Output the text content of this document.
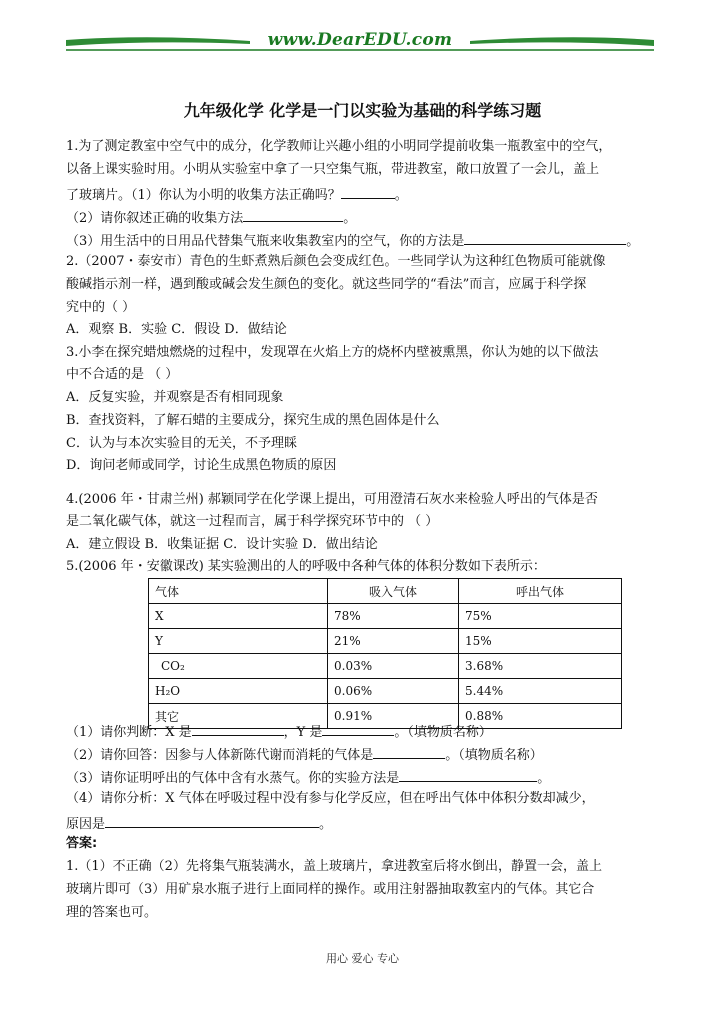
www.DearEDU.com
九年级化学 化学是一门以实验为基础的科学练习题
1.为了测定教室中空气中的成分，化学教师让兴趣小组的小明同学提前收集一瓶教室中的空气，
以备上课实验时用。小明从实验室中拿了一只空集气瓶，带进教室，敞口放置了一会儿，盖上
了玻璃片。（1）你认为小明的收集方法正确吗？	。
（2）请你叙述正确的收集方法	。
（3）用生活中的日用品代替集气瓶来收集教室内的空气，你的方法是	。
2.（2007・泰安市）青色的生虾煮熟后颜色会变成红色。一些同学认为这种红色物质可能就像
酸碱指示剂一样，遇到酸或碱会发生颜色的变化。就这些同学的“看法”而言，应属于科学探
究中的（ ）
A．观察 B．实验 C．假设 D．做结论
3.小李在探究蜡烛燃烧的过程中，发现罩在火焰上方的烧杯内壁被熏黑，你认为她的以下做法
中不合适的是 （ ）
A．反复实验，并观察是否有相同现象
B．查找资料，了解石蜡的主要成分，探究生成的黑色固体是什么
C．认为与本次实验目的无关，不予理睬
D．询问老师或同学，讨论生成黑色物质的原因
4.(2006 年・甘肃兰州) 郝颖同学在化学课上提出，可用澄清石灰水来检验人呼出的气体是否
是二氧化碳气体，就这一过程而言，属于科学探究环节中的 （ ）
A．建立假设 B．收集证据 C．设计实验 D．做出结论
5.(2006 年・安徽课改) 某实验测出的人的呼吸中各种气体的体积分数如下表所示：
气体	吸入气体	呼出气体
X	78%	75%
Y	21%	15%
CO₂	0.03%	3.68%
H₂O	0.06%	5.44%
其它	0.91%	0.88%
（1）请你判断：X 是	，Y 是	。（填物质名称）
（2）请你回答：因参与人体新陈代谢而消耗的气体是	。（填物质名称）
（3）请你证明呼出的气体中含有水蒸气。你的实验方法是	。
（4）请你分析：X 气体在呼吸过程中没有参与化学反应，但在呼出气体中体积分数却减少，
原因是	。
答案:
1.（1）不正确（2）先将集气瓶装满水，盖上玻璃片，拿进教室后将水倒出，静置一会，盖上
玻璃片即可（3）用矿泉水瓶子进行上面同样的操作。或用注射器抽取教室内的气体。其它合
理的答案也可。
用心 爱心 专心
